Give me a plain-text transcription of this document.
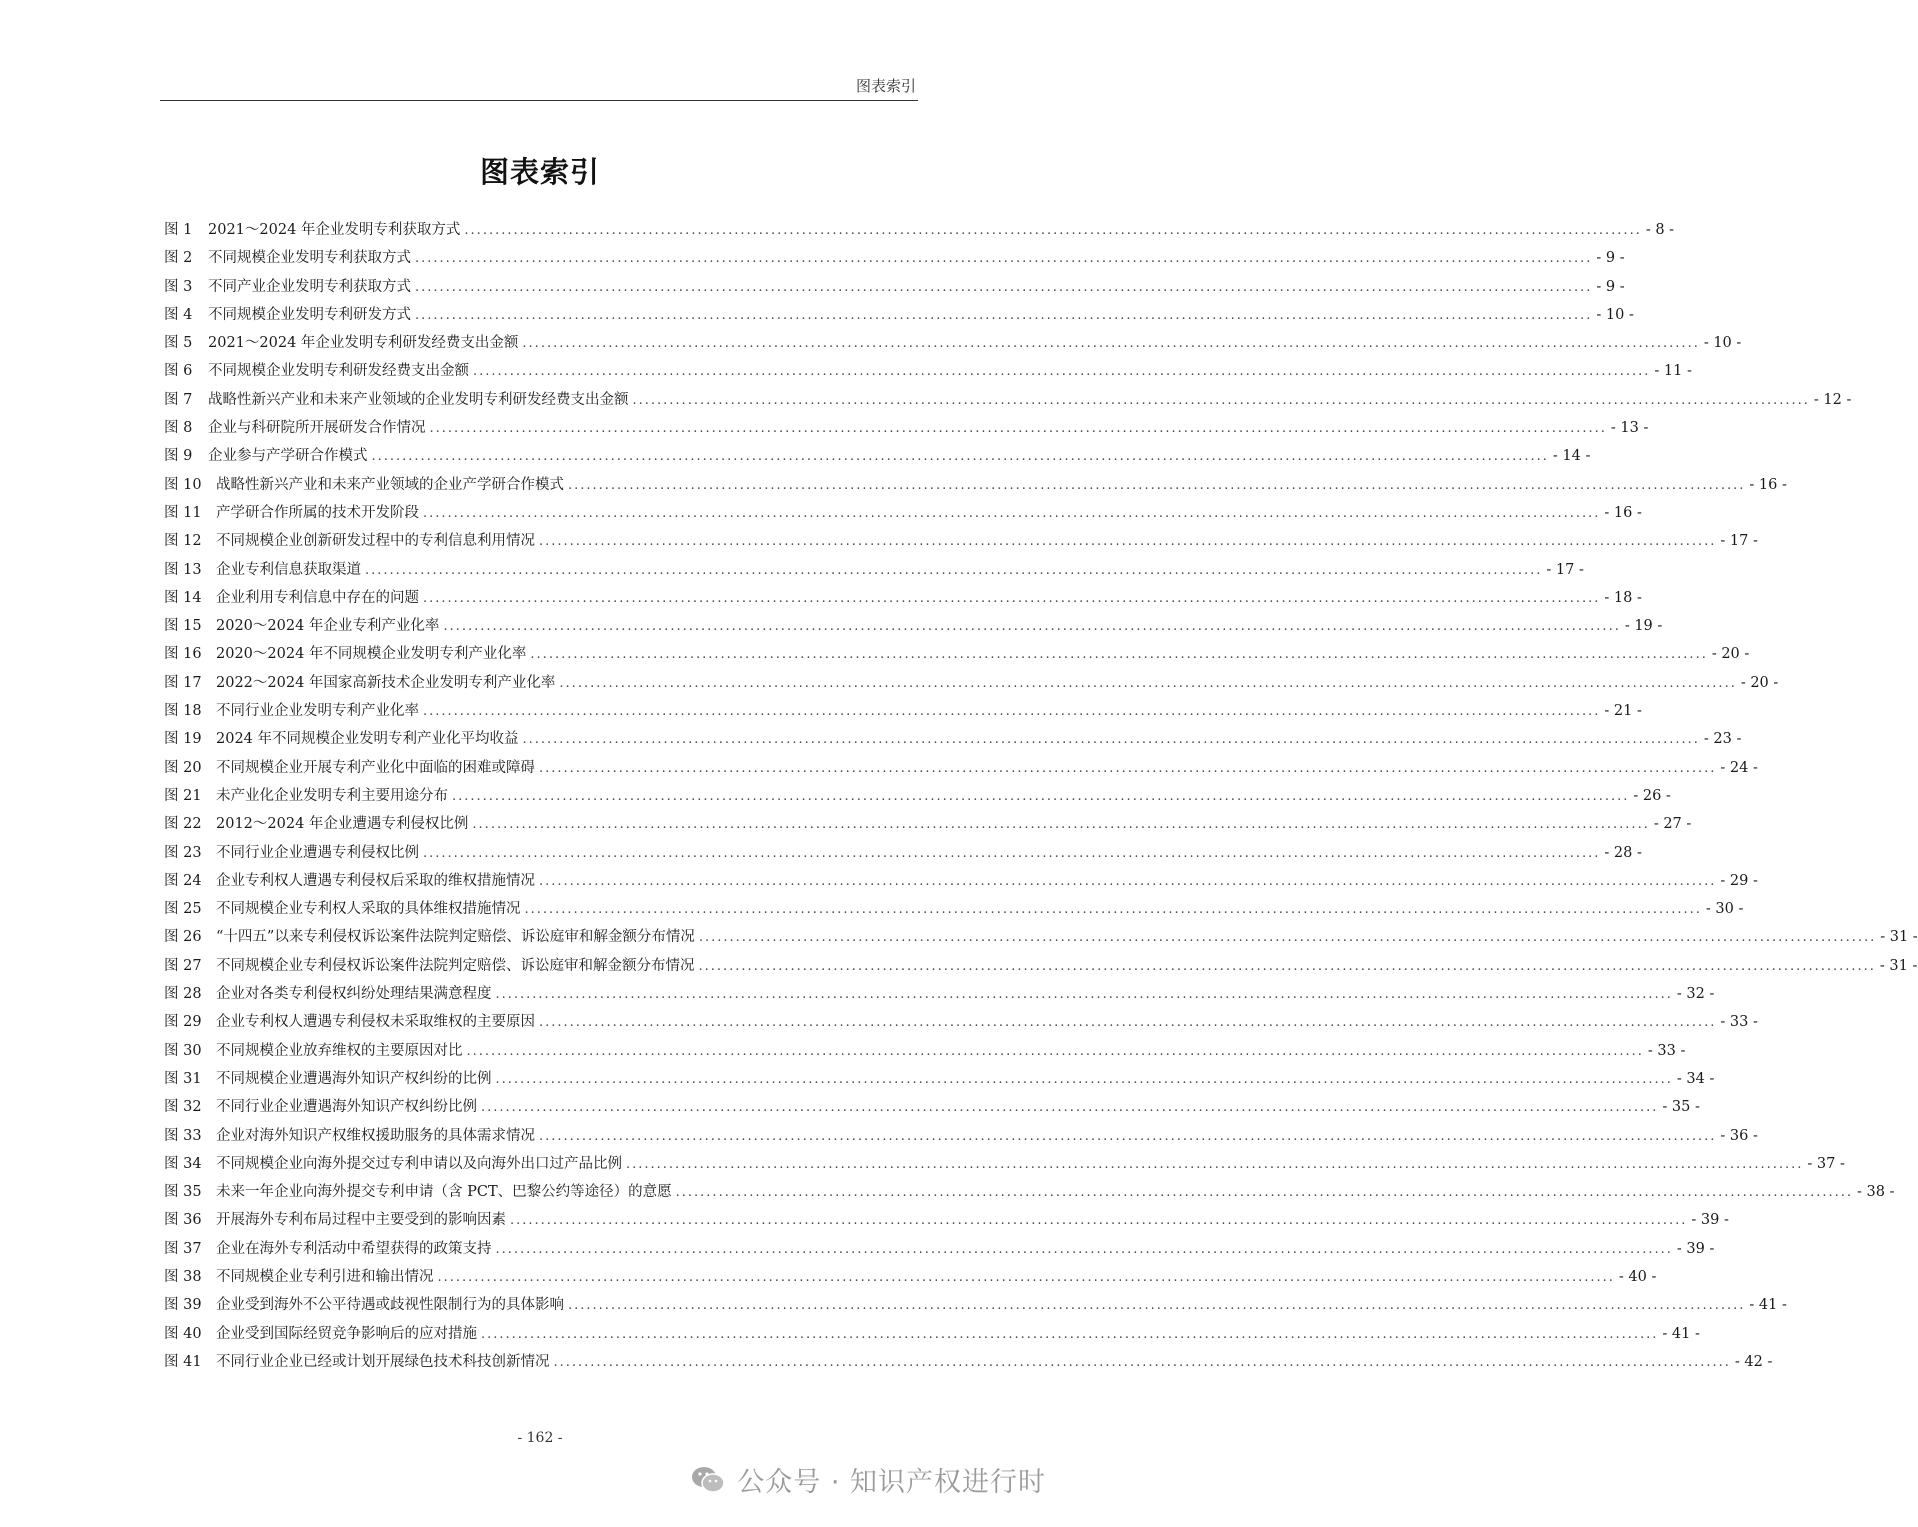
图表索引
图表索引
图 1	2021～2024 年企业发明专利获取方式 .....	- 8 -
图 2	不同规模企业发明专利获取方式 .....	- 9 -
图 3	不同产业企业发明专利获取方式 .....	- 9 -
图 4	不同规模企业发明专利研发方式 .....	- 10 -
图 5	2021～2024 年企业发明专利研发经费支出金额 .....	- 10 -
图 6	不同规模企业发明专利研发经费支出金额 .....	- 11 -
图 7	战略性新兴产业和未来产业领域的企业发明专利研发经费支出金额 .....	- 12 -
图 8	企业与科研院所开展研发合作情况 .....	- 13 -
图 9	企业参与产学研合作模式 .....	- 14 -
图 10 战略性新兴产业和未来产业领域的企业产学研合作模式 .....	- 16 -
图 11 产学研合作所属的技术开发阶段 .....	- 16 -
图 12 不同规模企业创新研发过程中的专利信息利用情况 .....	- 17 -
图 13 企业专利信息获取渠道 .....	- 17 -
图 14 企业利用专利信息中存在的问题 .....	- 18 -
图 15 2020～2024 年企业专利产业化率 .....	- 19 -
图 16 2020～2024 年不同规模企业发明专利产业化率 .....	- 20 -
图 17 2022～2024 年国家高新技术企业发明专利产业化率 .....	- 20 -
图 18 不同行业企业发明专利产业化率 .....	- 21 -
图 19 2024 年不同规模企业发明专利产业化平均收益 .....	- 23 -
图 20 不同规模企业开展专利产业化中面临的困难或障碍 .....	- 24 -
图 21 未产业化企业发明专利主要用途分布 .....	- 26 -
图 22 2012～2024 年企业遭遇专利侵权比例 .....	- 27 -
图 23 不同行业企业遭遇专利侵权比例 .....	- 28 -
图 24 企业专利权人遭遇专利侵权后采取的维权措施情况 .....	- 29 -
图 25 不同规模企业专利权人采取的具体维权措施情况 .....	- 30 -
图 26 “十四五”以来专利侵权诉讼案件法院判定赔偿、诉讼庭审和解金额分布情况 .....	- 31 -
图 27 不同规模企业专利侵权诉讼案件法院判定赔偿、诉讼庭审和解金额分布情况 .....	- 31 -
图 28 企业对各类专利侵权纠纷处理结果满意程度 .....	- 32 -
图 29 企业专利权人遭遇专利侵权未采取维权的主要原因 .....	- 33 -
图 30 不同规模企业放弃维权的主要原因对比 .....	- 33 -
图 31 不同规模企业遭遇海外知识产权纠纷的比例 .....	- 34 -
图 32 不同行业企业遭遇海外知识产权纠纷比例 .....	- 35 -
图 33 企业对海外知识产权维权援助服务的具体需求情况 .....	- 36 -
图 34 不同规模企业向海外提交过专利申请以及向海外出口过产品比例 .....	- 37 -
图 35 未来一年企业向海外提交专利申请（含 PCT、巴黎公约等途径）的意愿 .....	- 38 -
图 36 开展海外专利布局过程中主要受到的影响因素 .....	- 39 -
图 37 企业在海外专利活动中希望获得的政策支持 .....	- 39 -
图 38 不同规模企业专利引进和输出情况 .....	- 40 -
图 39 企业受到海外不公平待遇或歧视性限制行为的具体影响 .....	- 41 -
图 40 企业受到国际经贸竞争影响后的应对措施 .....	- 41 -
图 41 不同行业企业已经或计划开展绿色技术科技创新情况 .....	- 42 -
- 162 -
公众号 · 知识产权进行时
